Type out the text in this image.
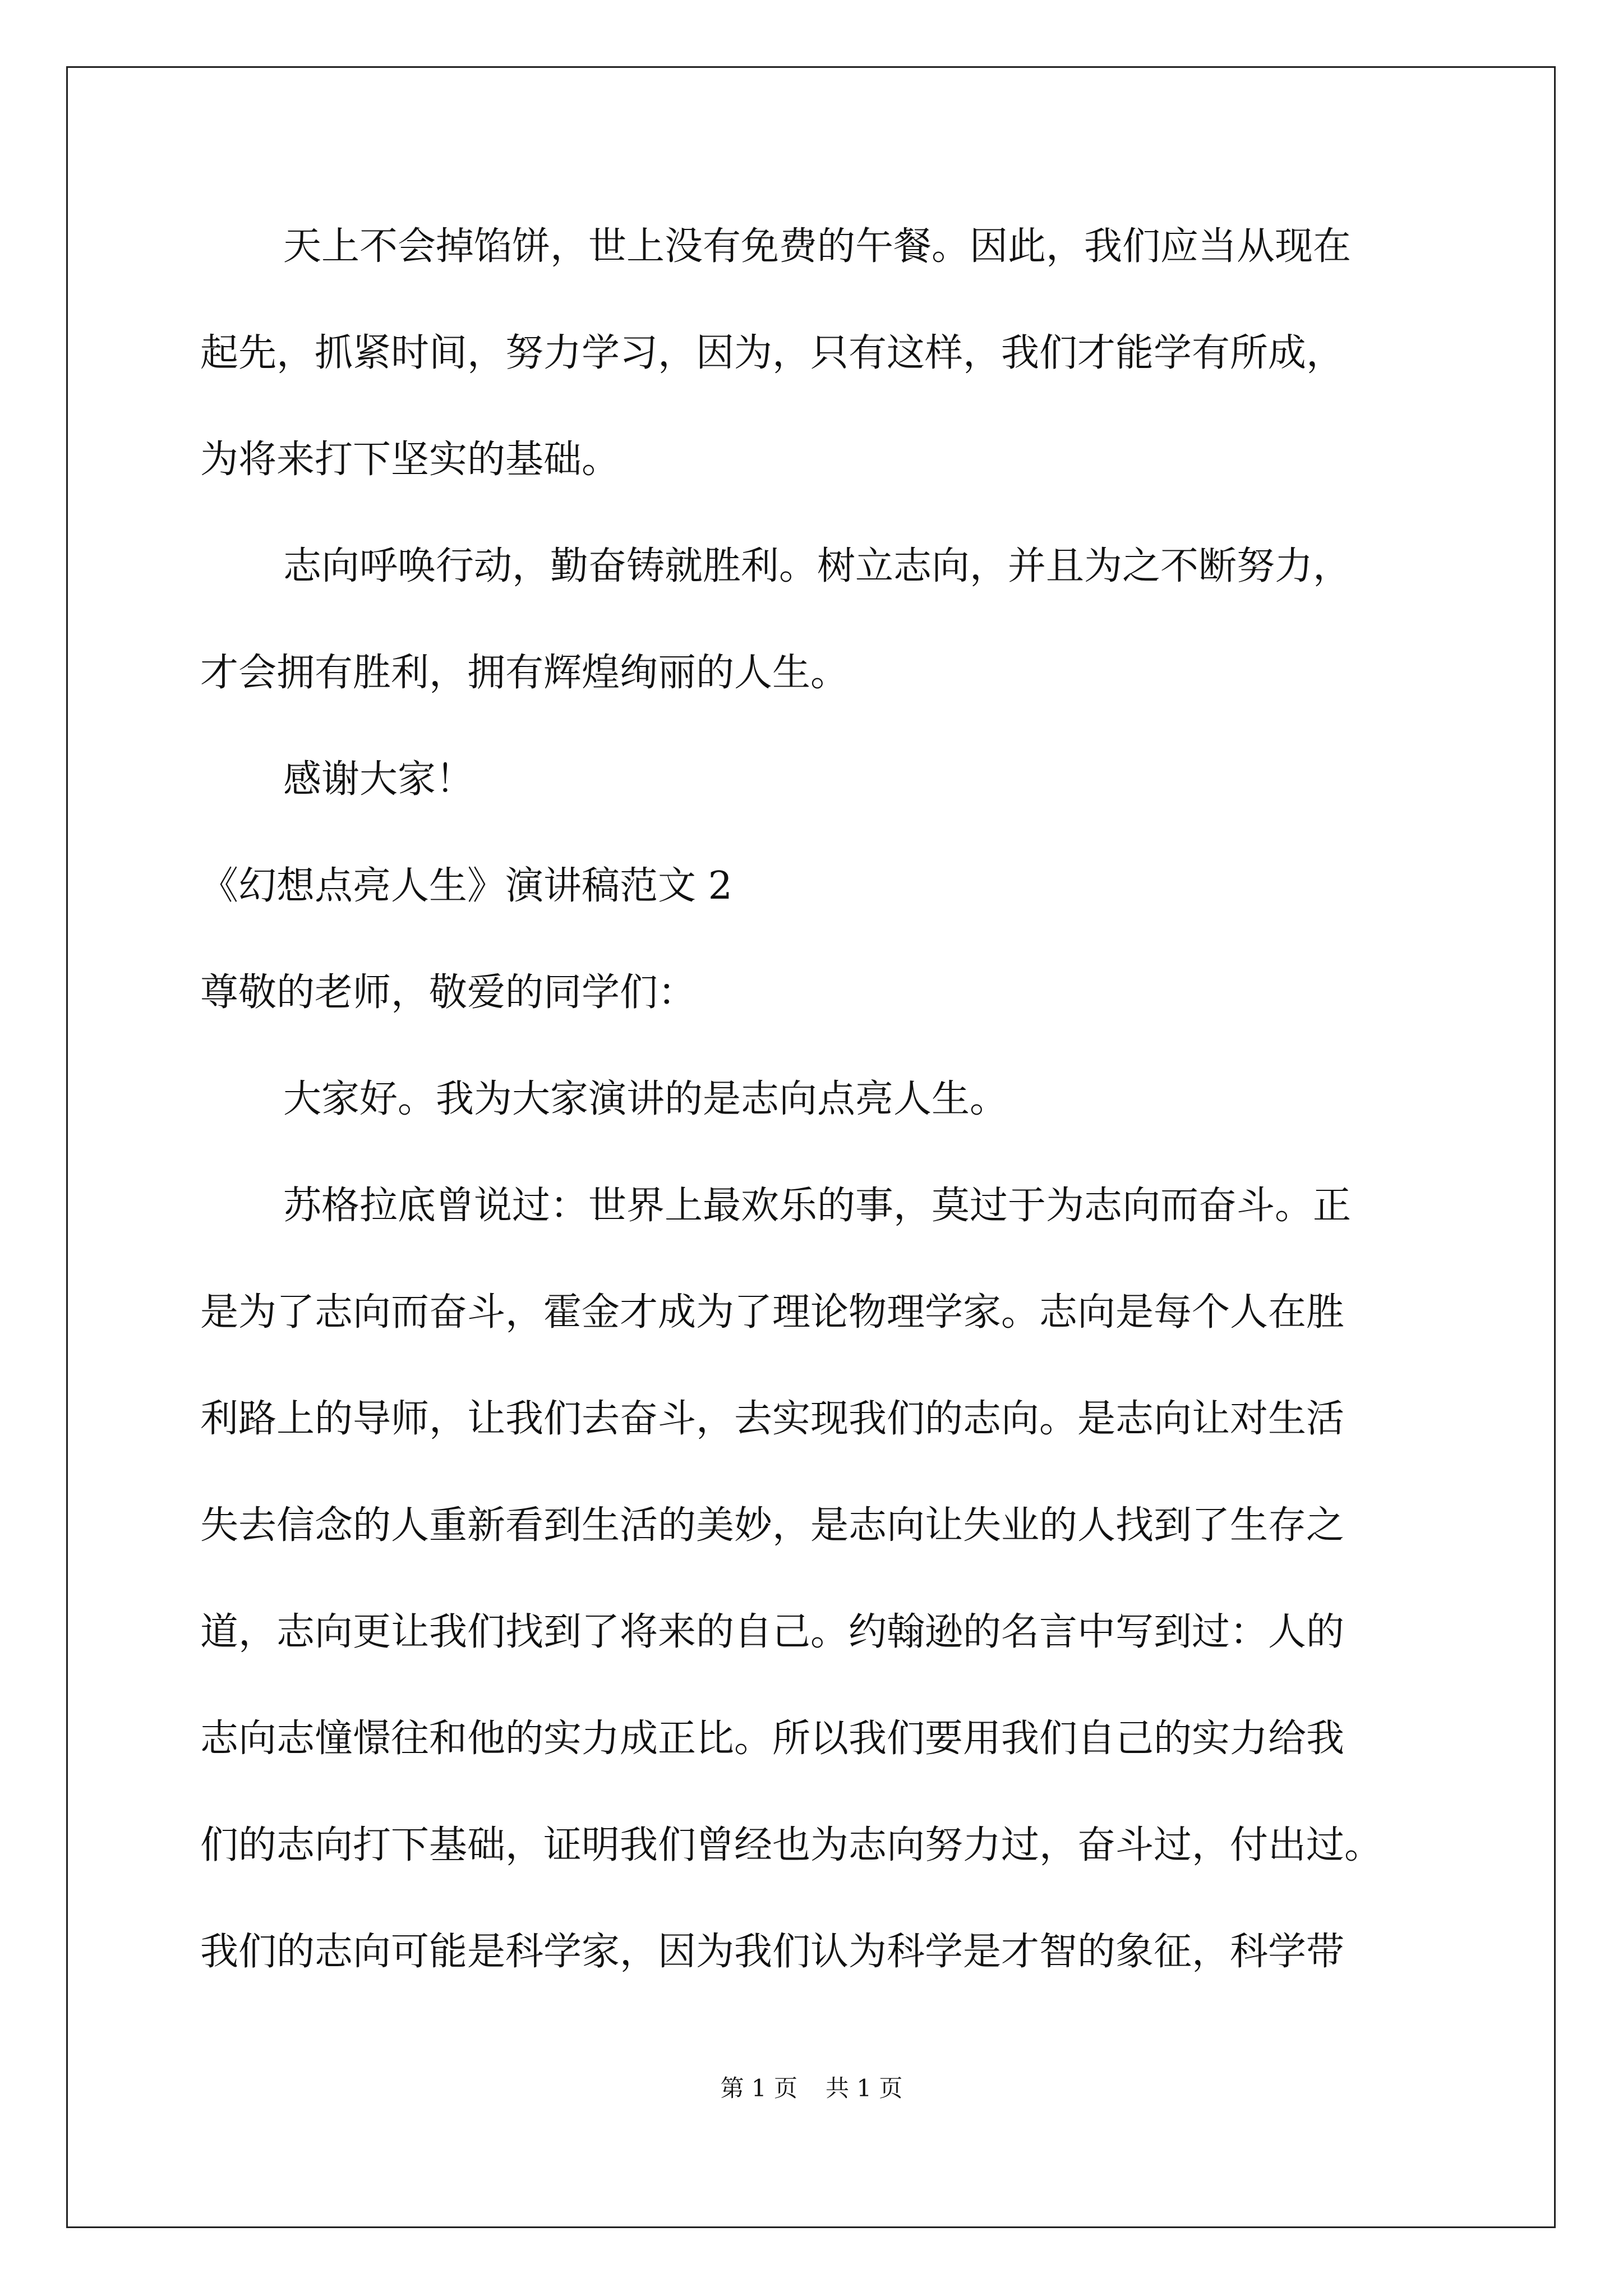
天上不会掉馅饼，世上没有免费的午餐。因此，我们应当从现在
起先，抓紧时间，努力学习，因为，只有这样，我们才能学有所成，
为将来打下坚实的基础。
志向呼唤行动，勤奋铸就胜利。树立志向，并且为之不断努力，
才会拥有胜利，拥有辉煌绚丽的人生。
感谢大家！
《幻想点亮人生》演讲稿范文 2
尊敬的老师，敬爱的同学们：
大家好。我为大家演讲的是志向点亮人生。
苏格拉底曾说过：世界上最欢乐的事，莫过于为志向而奋斗。正
是为了志向而奋斗，霍金才成为了理论物理学家。志向是每个人在胜
利路上的导师，让我们去奋斗，去实现我们的志向。是志向让对生活
失去信念的人重新看到生活的美妙，是志向让失业的人找到了生存之
道，志向更让我们找到了将来的自己。约翰逊的名言中写到过：人的
志向志憧憬往和他的实力成正比。所以我们要用我们自己的实力给我
们的志向打下基础，证明我们曾经也为志向努力过，奋斗过，付出过。
我们的志向可能是科学家，因为我们认为科学是才智的象征，科学带
第 1 页 共 1 页
